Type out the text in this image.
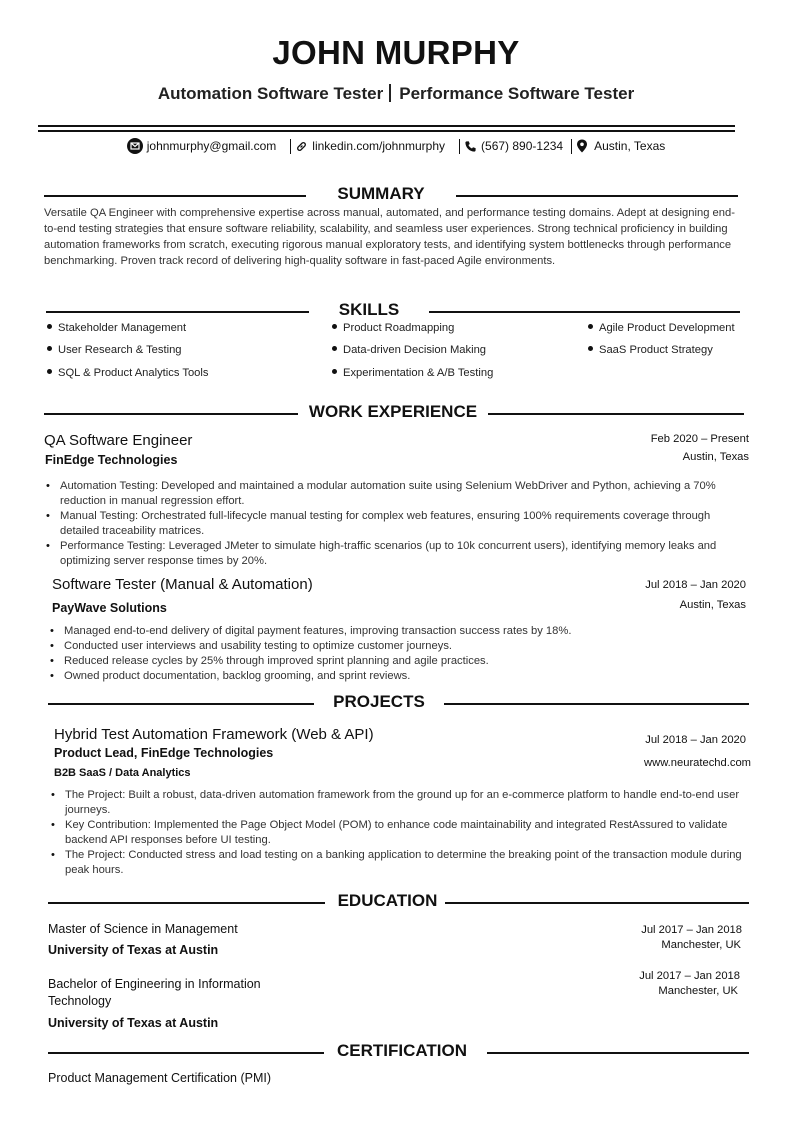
JOHN MURPHY
Automation Software Tester Performance Software Tester
johnmurphy@gmail.com	linkedin.com/johnmurphy	(567) 890-1234	Austin, Texas
SUMMARY
Versatile QA Engineer with comprehensive expertise across manual, automated, and performance testing domains. Adept at designing end-to-end testing strategies that ensure software reliability, scalability, and seamless user experiences. Strong technical proficiency in building automation frameworks from scratch, executing rigorous manual exploratory tests, and identifying system bottlenecks through performance benchmarking. Proven track record of delivering high-quality software in fast-paced Agile environments.
SKILLS
Stakeholder Management
User Research & Testing
SQL & Product Analytics Tools
Product Roadmapping
Data-driven Decision Making
Experimentation & A/B Testing
Agile Product Development
SaaS Product Strategy
WORK EXPERIENCE
QA Software Engineer
FinEdge Technologies
Feb 2020 – Present
Austin, Texas
• Automation Testing: Developed and maintained a modular automation suite using Selenium WebDriver and Python, achieving a 70% reduction in manual regression effort.
• Manual Testing: Orchestrated full-lifecycle manual testing for complex web features, ensuring 100% requirements coverage through detailed traceability matrices.
• Performance Testing: Leveraged JMeter to simulate high-traffic scenarios (up to 10k concurrent users), identifying memory leaks and optimizing server response times by 20%.
Software Tester (Manual & Automation)
PayWave Solutions
Jul 2018 – Jan 2020
Austin, Texas
• Managed end-to-end delivery of digital payment features, improving transaction success rates by 18%.
• Conducted user interviews and usability testing to optimize customer journeys.
• Reduced release cycles by 25% through improved sprint planning and agile practices.
• Owned product documentation, backlog grooming, and sprint reviews.
PROJECTS
Hybrid Test Automation Framework (Web & API)
Product Lead, FinEdge Technologies
B2B SaaS / Data Analytics
Jul 2018 – Jan 2020
www.neuratechd.com
• The Project: Built a robust, data-driven automation framework from the ground up for an e-commerce platform to handle end-to-end user journeys.
• Key Contribution: Implemented the Page Object Model (POM) to enhance code maintainability and integrated RestAssured to validate backend API responses before UI testing.
• The Project: Conducted stress and load testing on a banking application to determine the breaking point of the transaction module during peak hours.
EDUCATION
Master of Science in Management
University of Texas at Austin
Jul 2017 – Jan 2018
Manchester, UK
Bachelor of Engineering in Information Technology
University of Texas at Austin
Jul 2017 – Jan 2018
Manchester, UK
CERTIFICATION
Product Management Certification (PMI)
